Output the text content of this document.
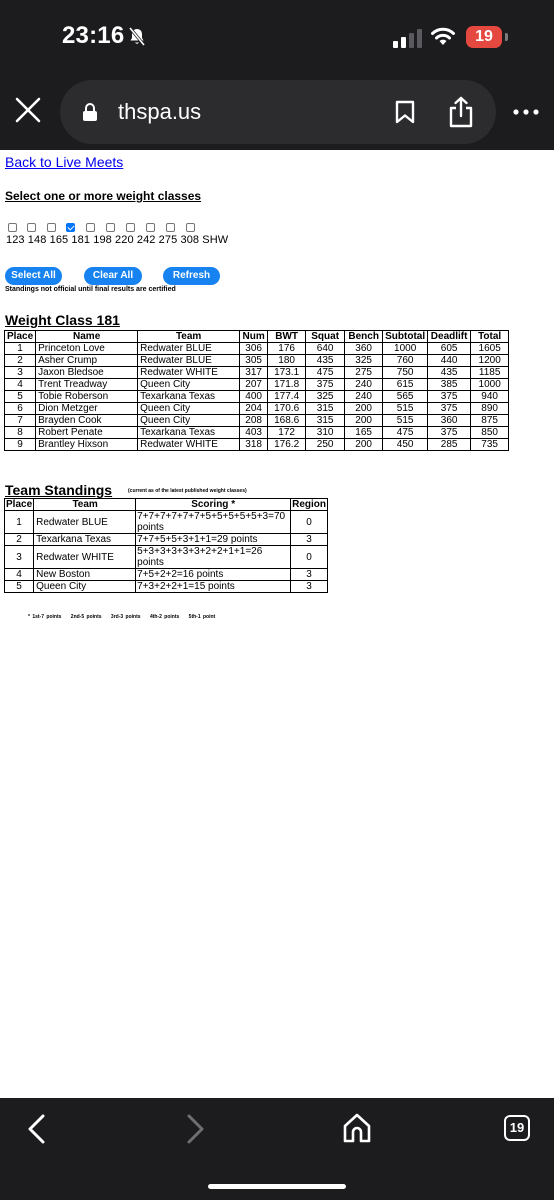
23:16	19
thspa.us
Back to Live Meets
Select one or more weight classes
123 148 165 181 198 220 242 275 308 SHW
Select All	Clear All	Refresh
Standings not official until final results are certified
Weight Class 181
Place	Name	Team	Num	BWT	Squat	Bench	Subtotal	Deadlift	Total
1	Princeton Love	Redwater BLUE	306	176	640	360	1000	605	1605
2	Asher Crump	Redwater BLUE	305	180	435	325	760	440	1200
3	Jaxon Bledsoe	Redwater WHITE	317	173.1	475	275	750	435	1185
4	Trent Treadway	Queen City	207	171.8	375	240	615	385	1000
5	Tobie Roberson	Texarkana Texas	400	177.4	325	240	565	375	940
6	Dion Metzger	Queen City	204	170.6	315	200	515	375	890
7	Brayden Cook	Queen City	208	168.6	315	200	515	360	875
8	Robert Penate	Texarkana Texas	403	172	310	165	475	375	850
9	Brantley Hixson	Redwater WHITE	318	176.2	250	200	450	285	735
Team Standings	(current as of the latest published weight classes)
Place	Team	Scoring *	Region
1	Redwater BLUE	7+7+7+7+7+7+5+5+5+5+5+3=70 points	0
2	Texarkana Texas	7+7+5+5+3+1+1=29 points	3
3	Redwater WHITE	5+3+3+3+3+3+2+2+1+1=26 points	0
4	New Boston	7+5+2+2=16 points	3
5	Queen City	7+3+2+2+1=15 points	3
* 1st-7 points 2nd-5 points 3rd-3 points 4th-2 points 5th-1 point
19
